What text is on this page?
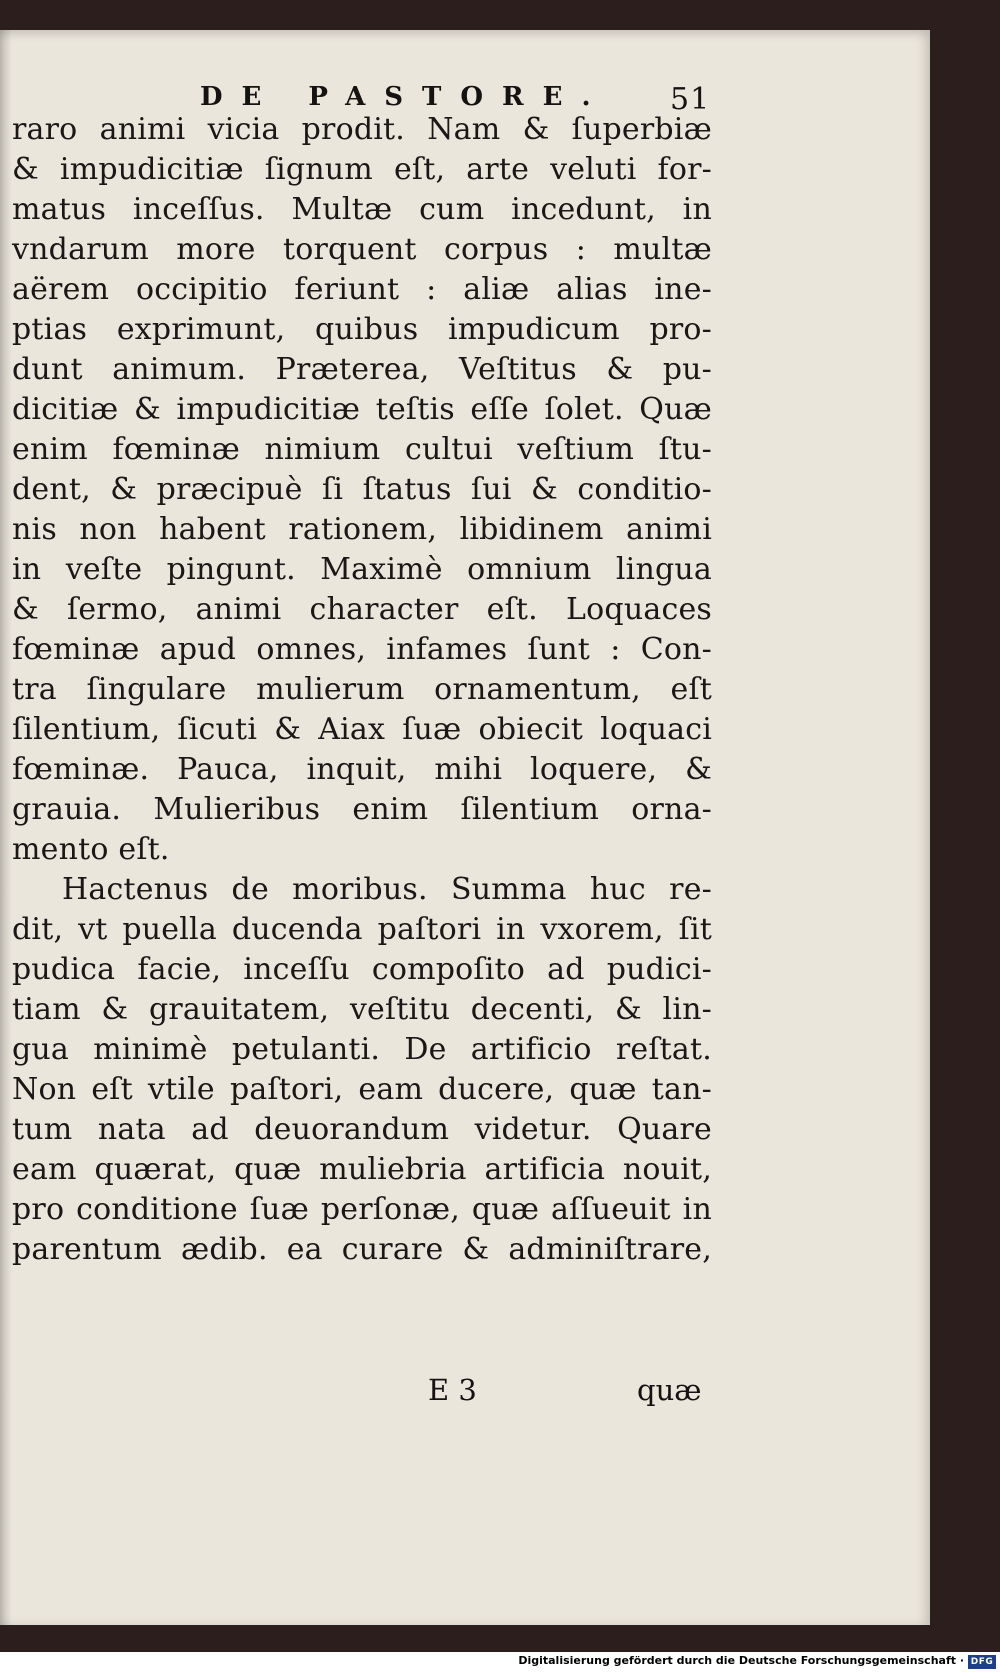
DE PASTORE. 51
raro animi vicia prodit. Nam & ſuperbiæ
& impudicitiæ ſignum eſt, arte veluti for-
matus inceſſus. Multæ cum incedunt, in
vndarum more torquent corpus : multæ
aërem occipitio feriunt : aliæ alias ine-
ptias exprimunt, quibus impudicum pro-
dunt animum. Præterea, Veſtitus & pu-
dicitiæ & impudicitiæ teſtis eſſe ſolet. Quæ
enim fœminæ nimium cultui veſtium ſtu-
dent, & præcipuè ſi ſtatus ſui & conditio-
nis non habent rationem, libidinem animi
in veſte pingunt. Maximè omnium lingua
& ſermo, animi character eſt. Loquaces
fœminæ apud omnes, infames ſunt : Con-
tra ſingulare mulierum ornamentum, eſt
ſilentium, ſicuti & Aiax ſuæ obiecit loquaci
fœminæ. Pauca, inquit, mihi loquere, &
grauia. Mulieribus enim ſilentium orna-
mento eſt.
Hactenus de moribus. Summa huc re-
dit, vt puella ducenda paſtori in vxorem, ſit
pudica facie, inceſſu compoſito ad pudici-
tiam & grauitatem, veſtitu decenti, & lin-
gua minimè petulanti. De artificio reſtat.
Non eſt vtile paſtori, eam ducere, quæ tan-
tum nata ad deuorandum videtur. Quare
eam quærat, quæ muliebria artificia nouit,
pro conditione ſuæ perſonæ, quæ aſſueuit in
parentum ædib. ea curare & adminiſtrare,
E 3	quæ
Digitalisierung gefördert durch die Deutsche Forschungsgemeinschaft · DFG
